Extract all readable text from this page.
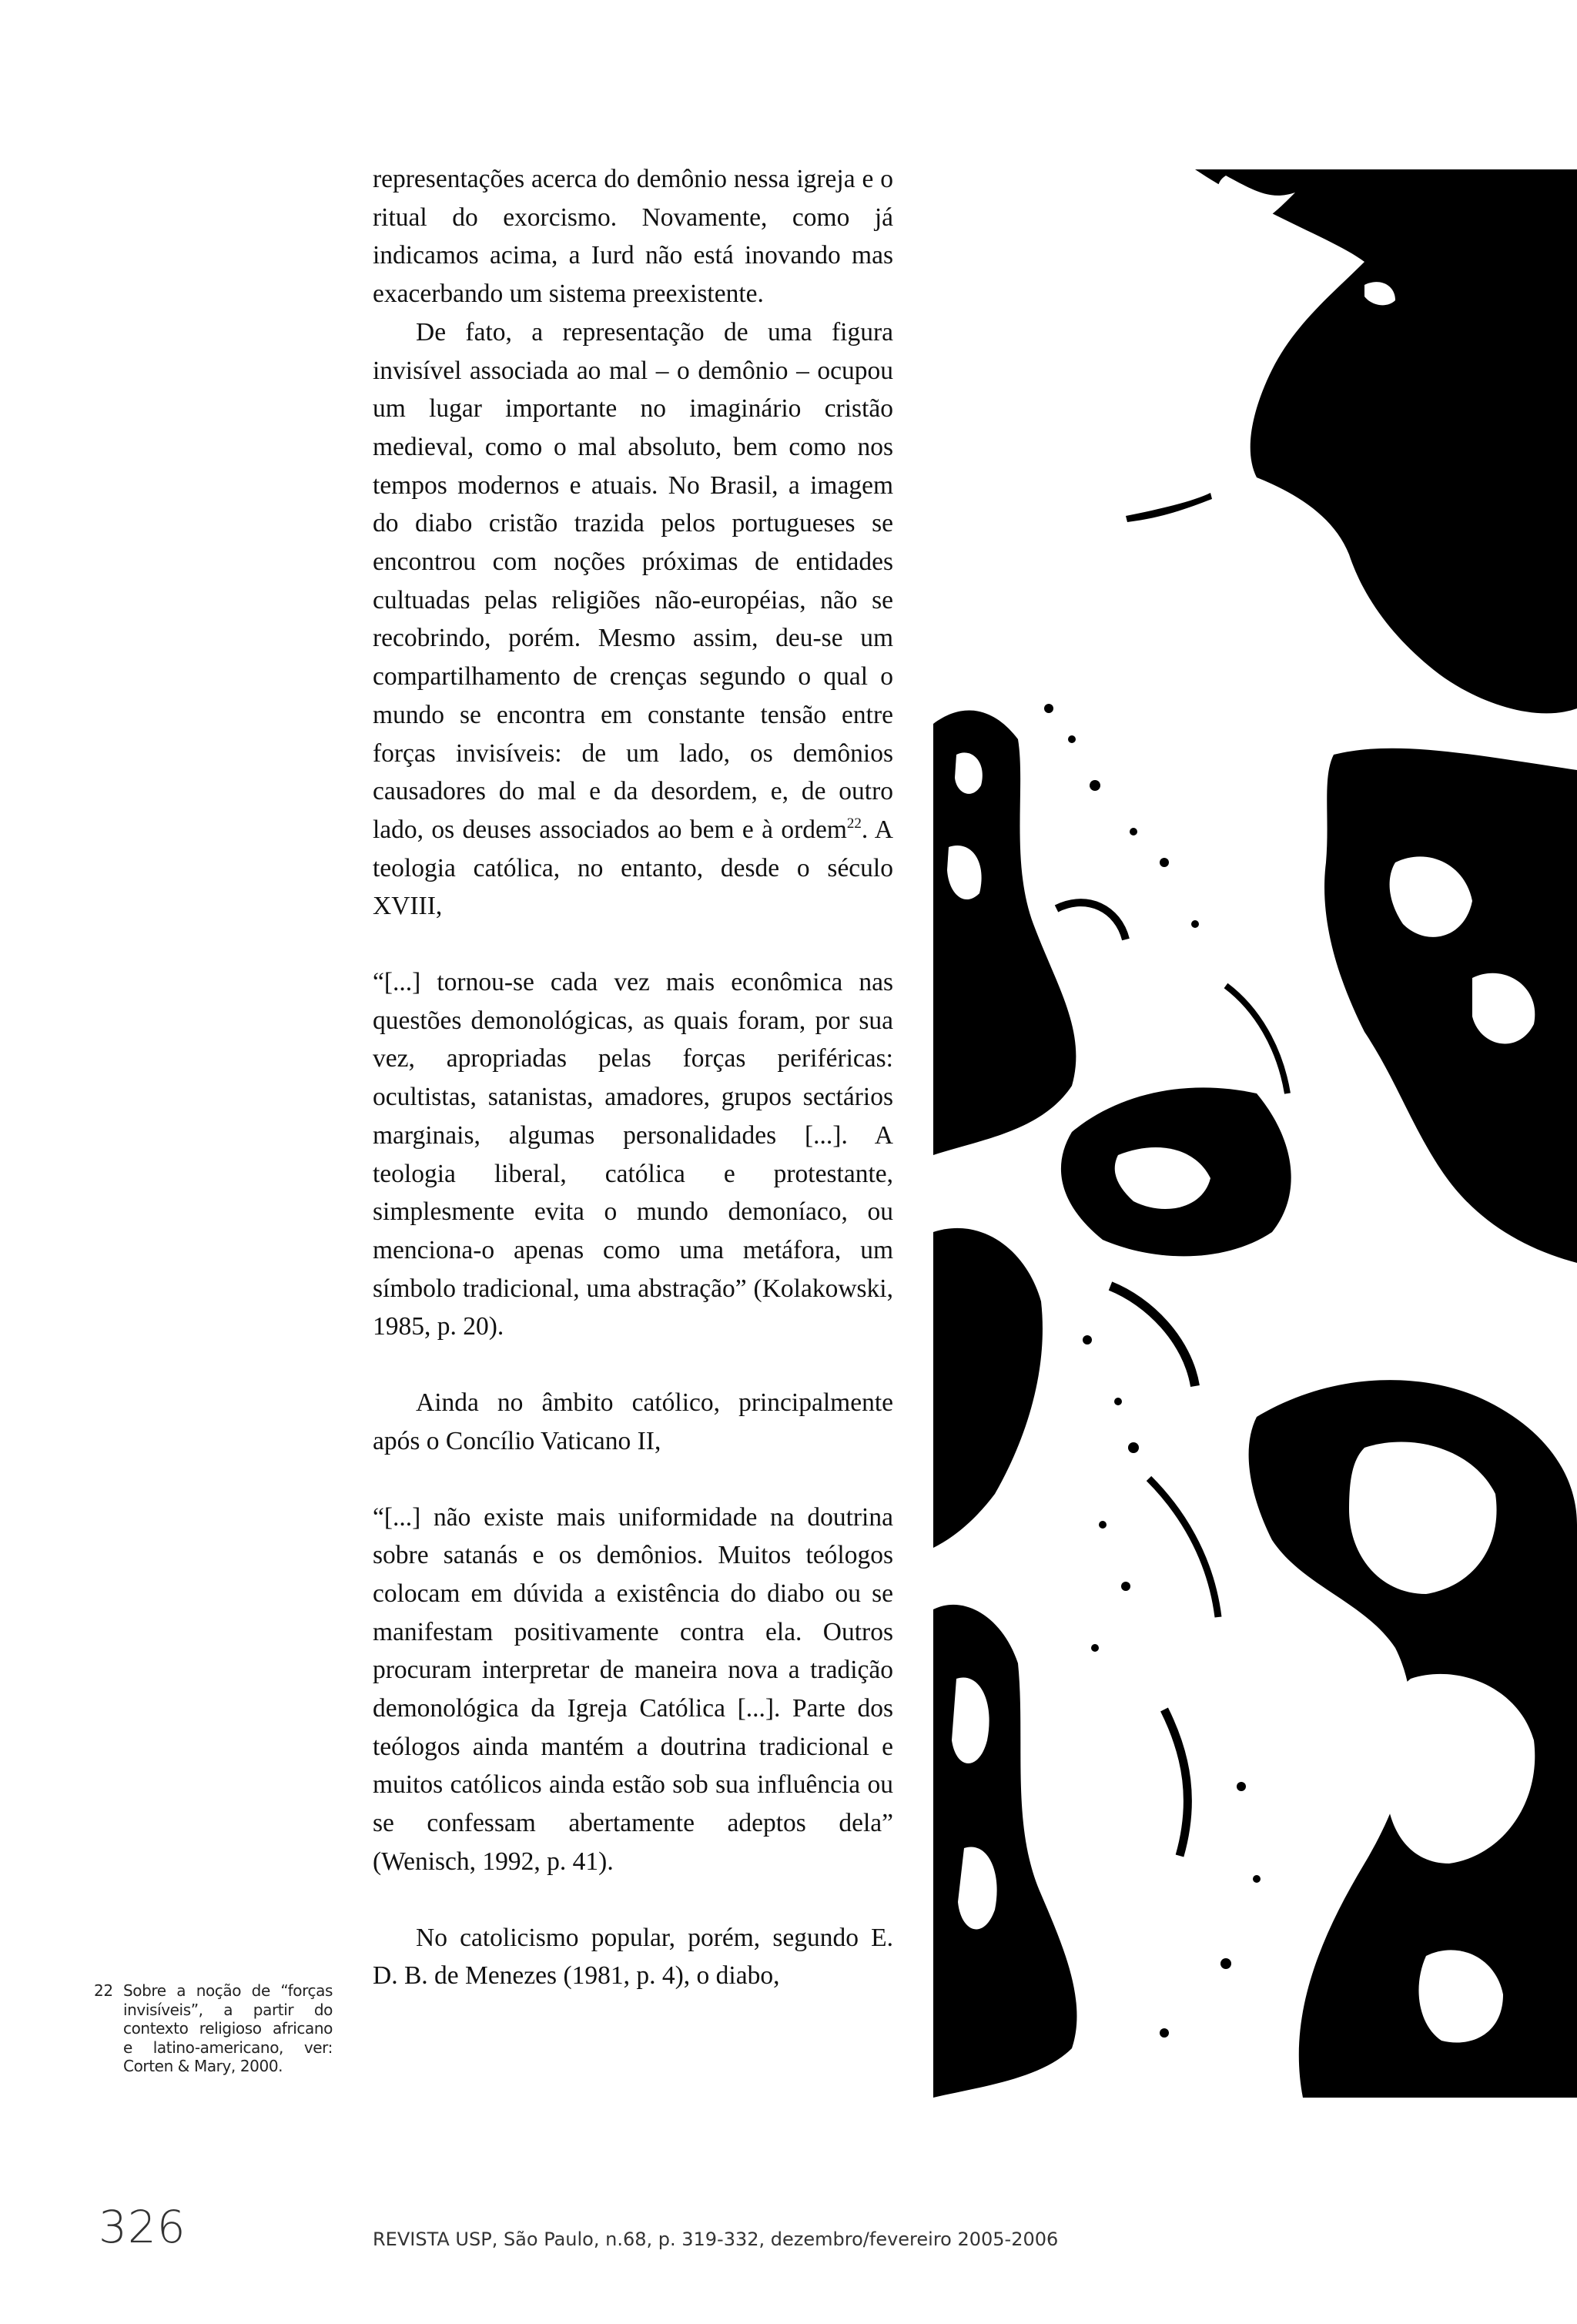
representações acerca do demônio nessa igreja e o ritual do exorcismo. Novamente, como já indicamos acima, a Iurd não está inovando mas exacerbando um sistema preexistente.

De fato, a representação de uma figura invisível associada ao mal – o demônio – ocupou um lugar importante no imaginário cristão medieval, como o mal absoluto, bem como nos tempos modernos e atuais. No Brasil, a imagem do diabo cristão trazida pelos portugueses se encontrou com noções próximas de entidades cultuadas pelas religiões não-européias, não se recobrindo, porém. Mesmo assim, deu-se um compartilhamento de crenças segundo o qual o mundo se encontra em constante tensão entre forças invisíveis: de um lado, os demônios causadores do mal e da desordem, e, de outro lado, os deuses associados ao bem e à ordem$^{22}$. A teologia católica, no entanto, desde o século XVIII,

“[...] tornou-se cada vez mais econômica nas questões demonológicas, as quais foram, por sua vez, apropriadas pelas forças periféricas: ocultistas, satanistas, amadores, grupos sectários marginais, algumas personalidades [...]. A teologia liberal, católica e protestante, simplesmente evita o mundo demoníaco, ou menciona-o apenas como uma metáfora, um símbolo tradicional, uma abstração” (Kolakowski, 1985, p. 20).

Ainda no âmbito católico, principalmente após o Concílio Vaticano II,

“[...] não existe mais uniformidade na doutrina sobre satanás e os demônios. Muitos teólogos colocam em dúvida a existência do diabo ou se manifestam positivamente contra ela. Outros procuram interpretar de maneira nova a tradição demonológica da Igreja Católica [...]. Parte dos teólogos ainda mantém a doutrina tradicional e muitos católicos ainda estão sob sua influência ou se confessam abertamente adeptos dela” (Wenisch, 1992, p. 41).

No catolicismo popular, porém, segundo E. D. B. de Menezes (1981, p. 4), o diabo,

22 Sobre a noção de “forças invisíveis”, a partir do contexto religioso africano e latino-americano, ver: Corten & Mary, 2000.
326	REVISTA USP, São Paulo, n.68, p. 319-332, dezembro/fevereiro 2005-2006
